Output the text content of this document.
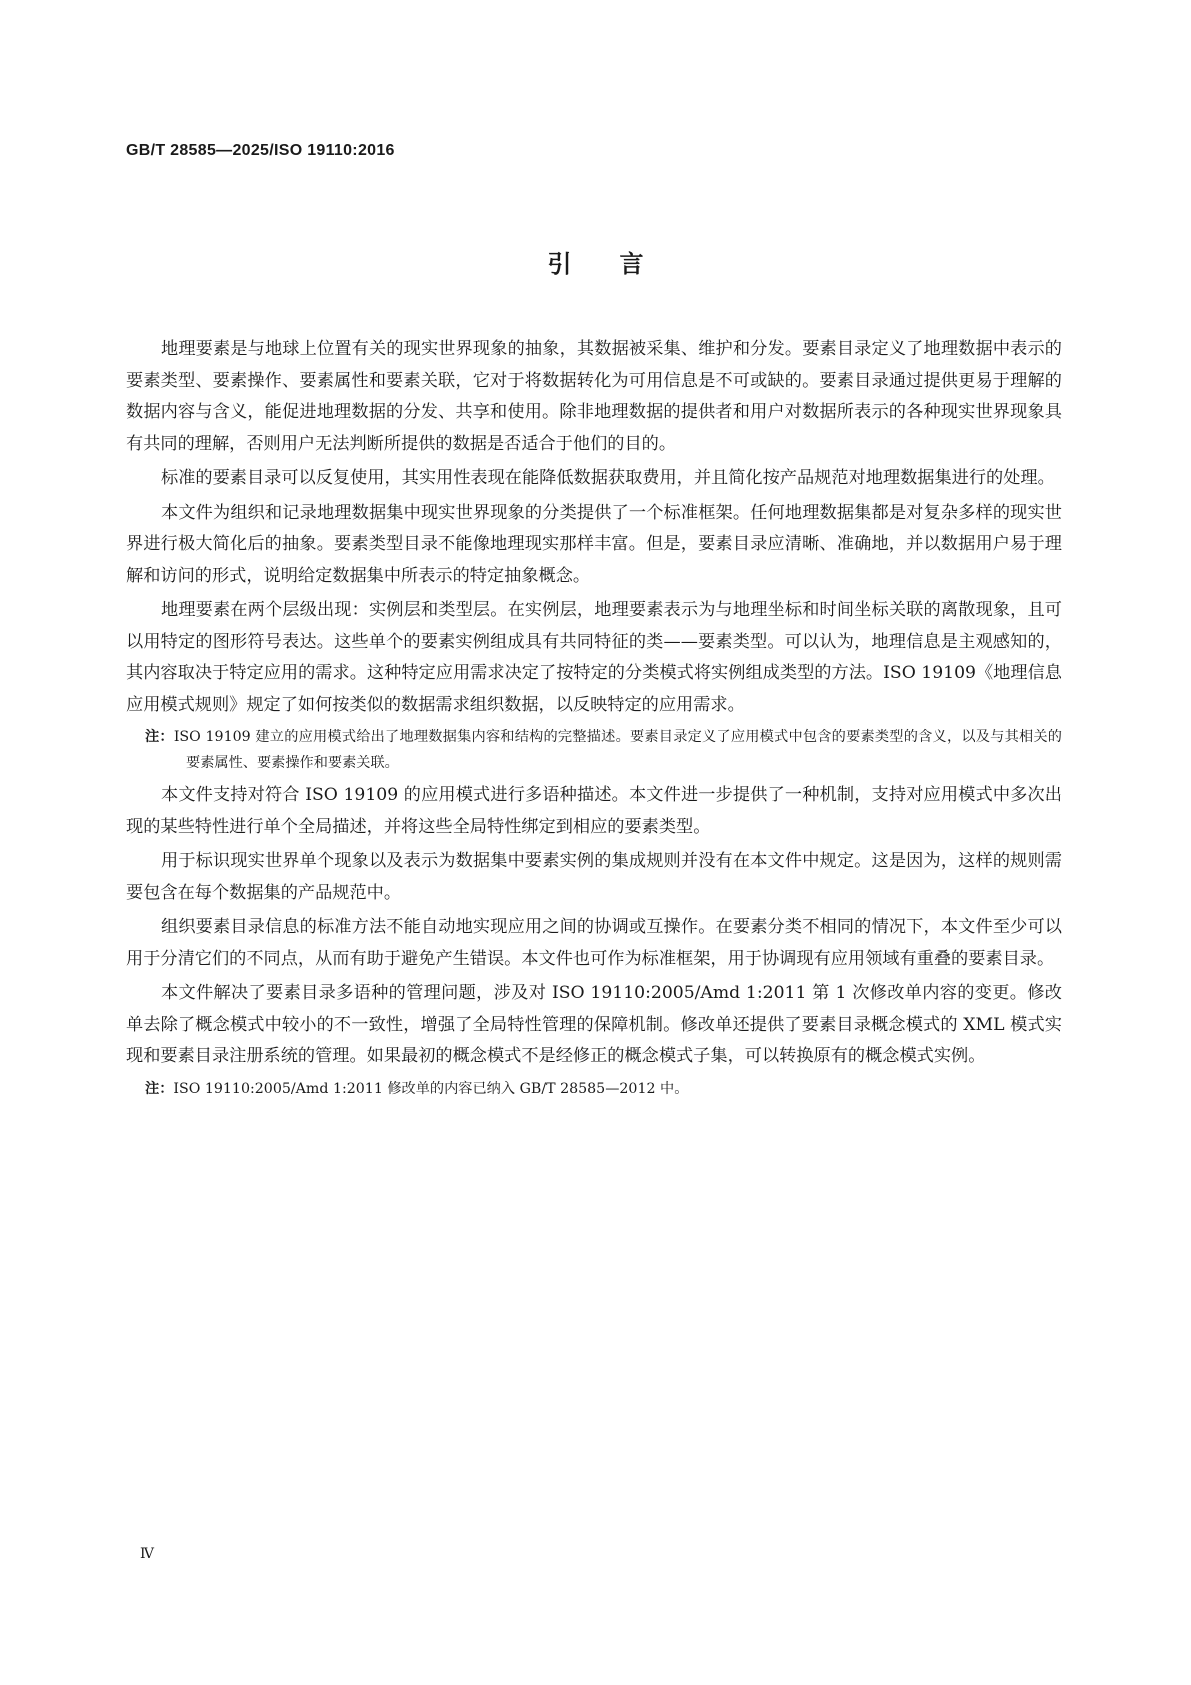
GB/T 28585—2025/ISO 19110:2016
引言

地理要素是与地球上位置有关的现实世界现象的抽象，其数据被采集、维护和分发。要素目录定义了地理数据中表示的要素类型、要素操作、要素属性和要素关联，它对于将数据转化为可用信息是不可或缺的。要素目录通过提供更易于理解的数据内容与含义，能促进地理数据的分发、共享和使用。除非地理数据的提供者和用户对数据所表示的各种现实世界现象具有共同的理解，否则用户无法判断所提供的数据是否适合于他们的目的。

标准的要素目录可以反复使用，其实用性表现在能降低数据获取费用，并且简化按产品规范对地理数据集进行的处理。

本文件为组织和记录地理数据集中现实世界现象的分类提供了一个标准框架。任何地理数据集都是对复杂多样的现实世界进行极大简化后的抽象。要素类型目录不能像地理现实那样丰富。但是，要素目录应清晰、准确地，并以数据用户易于理解和访问的形式，说明给定数据集中所表示的特定抽象概念。

地理要素在两个层级出现：实例层和类型层。在实例层，地理要素表示为与地理坐标和时间坐标关联的离散现象，且可以用特定的图形符号表达。这些单个的要素实例组成具有共同特征的类——要素类型。可以认为，地理信息是主观感知的，其内容取决于特定应用的需求。这种特定应用需求决定了按特定的分类模式将实例组成类型的方法。ISO 19109《地理信息　应用模式规则》规定了如何按类似的数据需求组织数据，以反映特定的应用需求。

注：ISO 19109 建立的应用模式给出了地理数据集内容和结构的完整描述。要素目录定义了应用模式中包含的要素类型的含义，以及与其相关的要素属性、要素操作和要素关联。

本文件支持对符合 ISO 19109 的应用模式进行多语种描述。本文件进一步提供了一种机制，支持对应用模式中多次出现的某些特性进行单个全局描述，并将这些全局特性绑定到相应的要素类型。

用于标识现实世界单个现象以及表示为数据集中要素实例的集成规则并没有在本文件中规定。这是因为，这样的规则需要包含在每个数据集的产品规范中。

组织要素目录信息的标准方法不能自动地实现应用之间的协调或互操作。在要素分类不相同的情况下，本文件至少可以用于分清它们的不同点，从而有助于避免产生错误。本文件也可作为标准框架，用于协调现有应用领域有重叠的要素目录。

本文件解决了要素目录多语种的管理问题，涉及对 ISO 19110:2005/Amd 1:2011 第 1 次修改单内容的变更。修改单去除了概念模式中较小的不一致性，增强了全局特性管理的保障机制。修改单还提供了要素目录概念模式的 XML 模式实现和要素目录注册系统的管理。如果最初的概念模式不是经修正的概念模式子集，可以转换原有的概念模式实例。

注：ISO 19110:2005/Amd 1:2011 修改单的内容已纳入 GB/T 28585—2012 中。
Ⅳ
